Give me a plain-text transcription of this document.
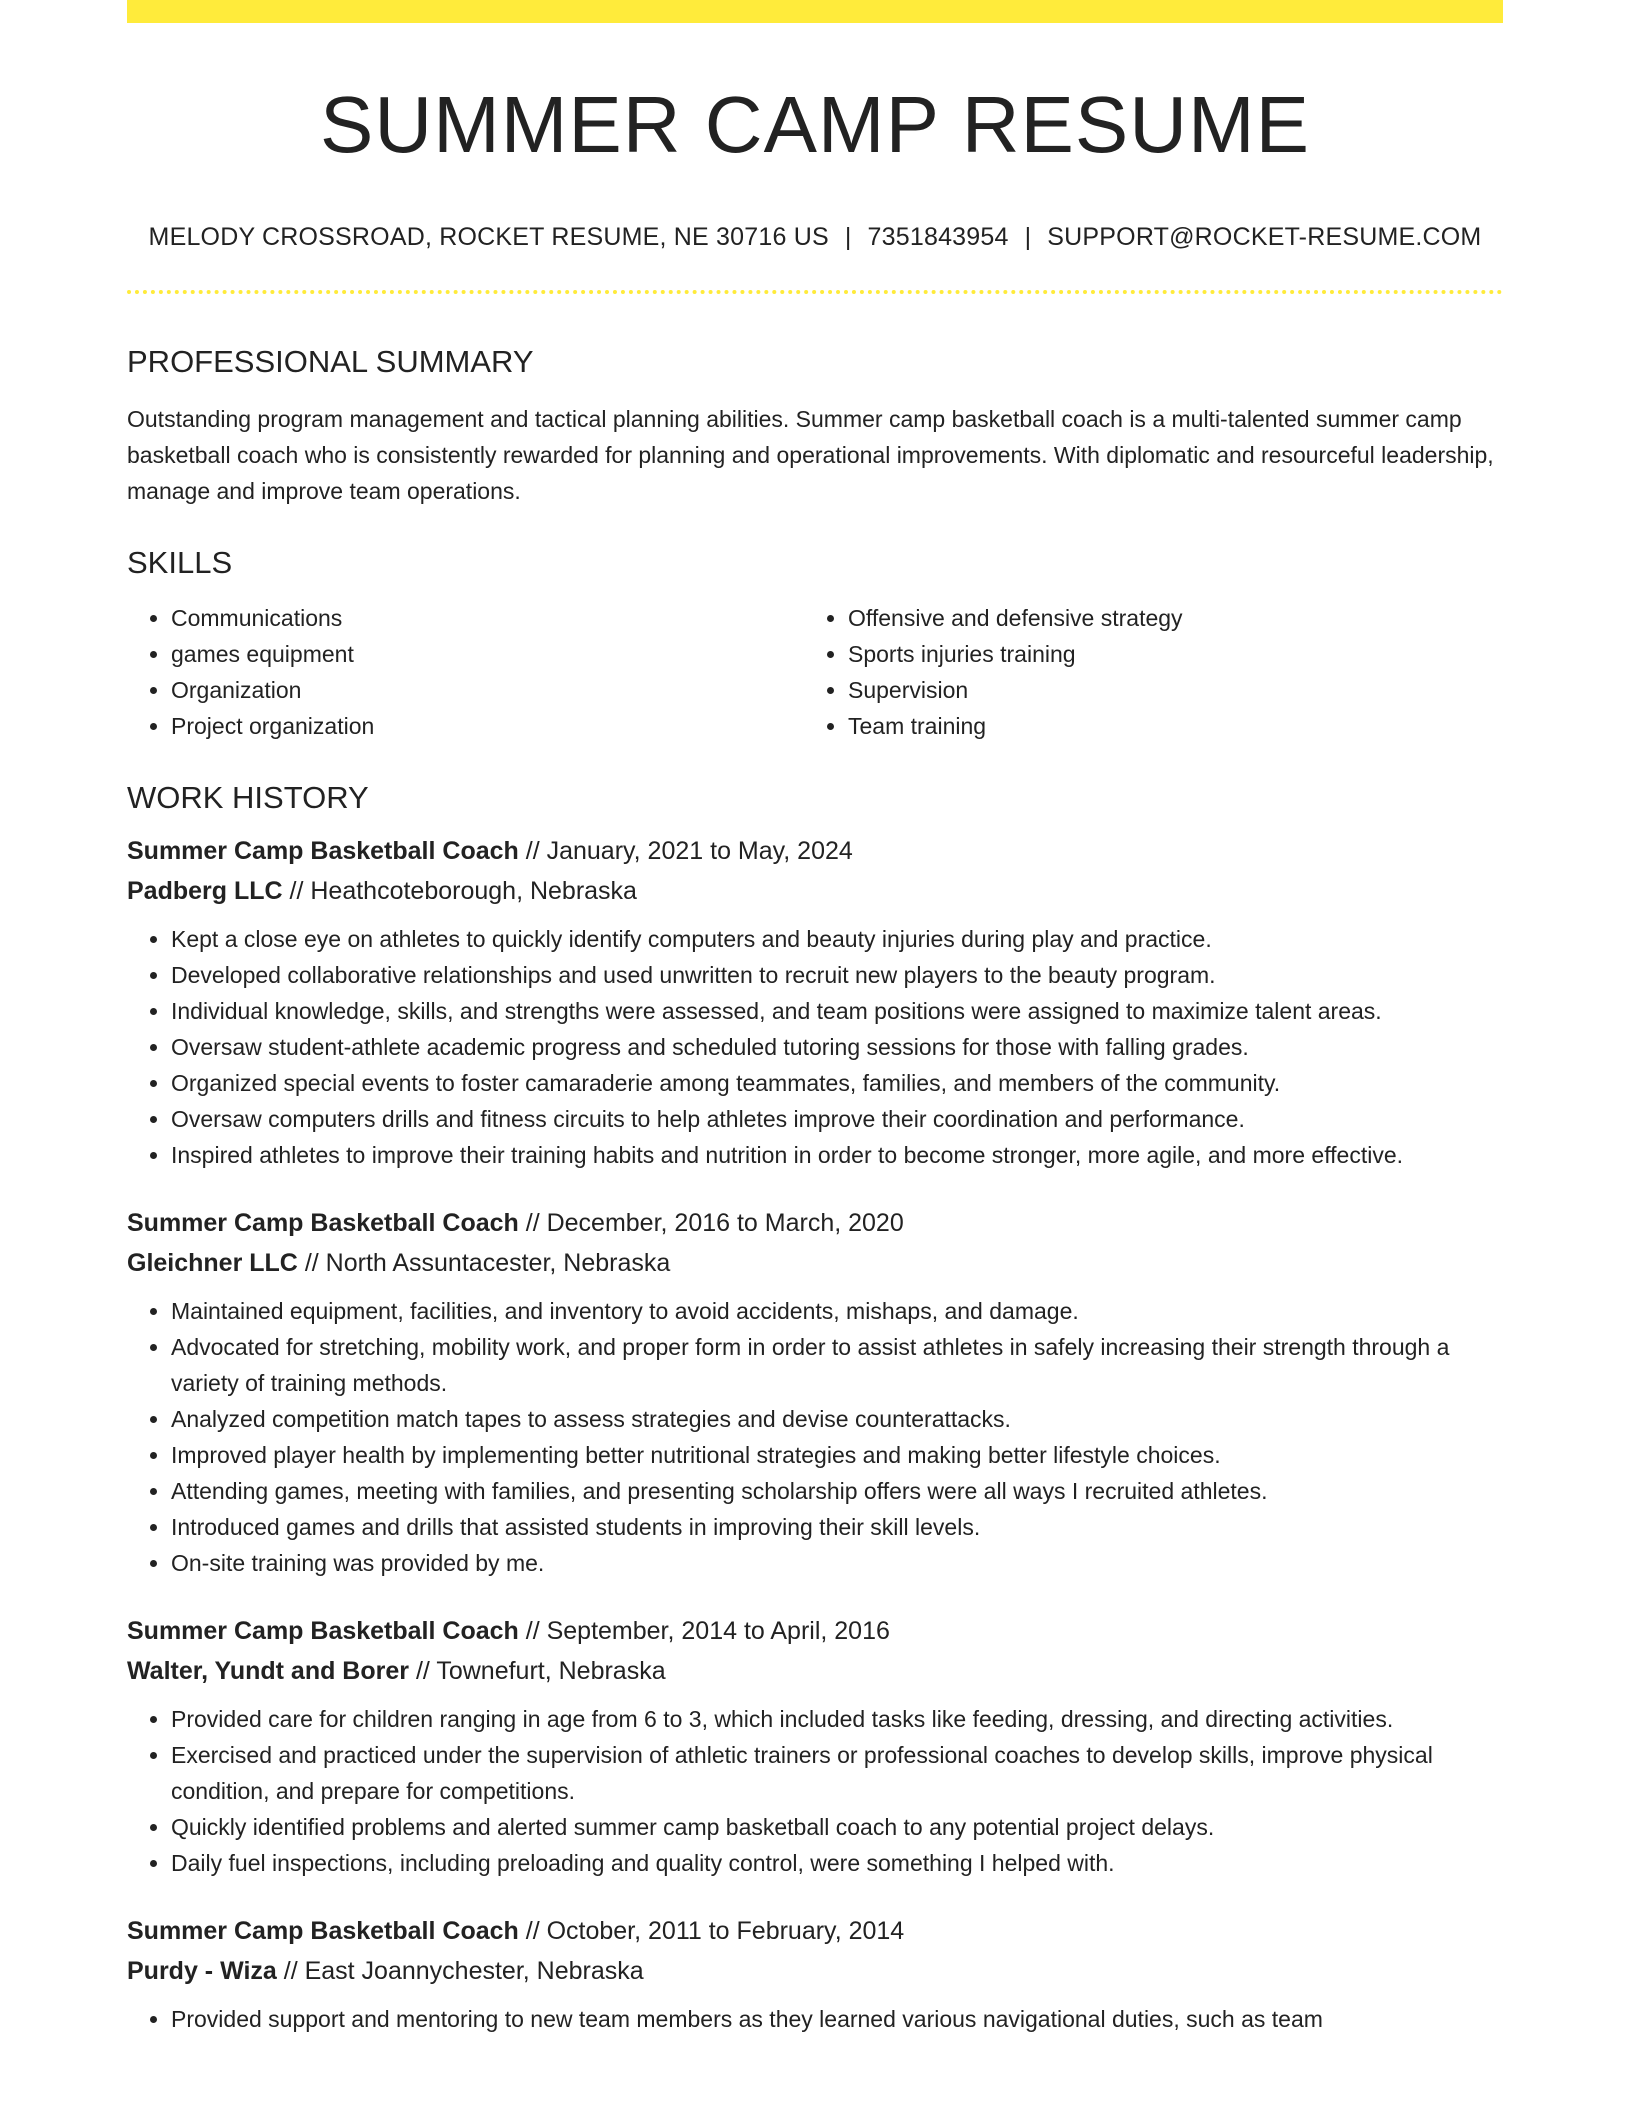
SUMMER CAMP RESUME
MELODY CROSSROAD, ROCKET RESUME, NE 30716 US | 7351843954 | SUPPORT@ROCKET-RESUME.COM
PROFESSIONAL SUMMARY

Outstanding program management and tactical planning abilities. Summer camp basketball coach is a multi-talented summer camp basketball coach who is consistently rewarded for planning and operational improvements. With diplomatic and resourceful leadership, manage and improve team operations.

SKILLS
• Communications
• games equipment
• Organization
• Project organization
• Offensive and defensive strategy
• Sports injuries training
• Supervision
• Team training
WORK HISTORY
Summer Camp Basketball Coach // January, 2021 to May, 2024
Padberg LLC // Heathcoteborough, Nebraska
• Kept a close eye on athletes to quickly identify computers and beauty injuries during play and practice.
• Developed collaborative relationships and used unwritten to recruit new players to the beauty program.
• Individual knowledge, skills, and strengths were assessed, and team positions were assigned to maximize talent areas.
• Oversaw student-athlete academic progress and scheduled tutoring sessions for those with falling grades.
• Organized special events to foster camaraderie among teammates, families, and members of the community.
• Oversaw computers drills and fitness circuits to help athletes improve their coordination and performance.
• Inspired athletes to improve their training habits and nutrition in order to become stronger, more agile, and more effective.
Summer Camp Basketball Coach // December, 2016 to March, 2020
Gleichner LLC // North Assuntacester, Nebraska
• Maintained equipment, facilities, and inventory to avoid accidents, mishaps, and damage.
• Advocated for stretching, mobility work, and proper form in order to assist athletes in safely increasing their strength through a variety of training methods.
• Analyzed competition match tapes to assess strategies and devise counterattacks.
• Improved player health by implementing better nutritional strategies and making better lifestyle choices.
• Attending games, meeting with families, and presenting scholarship offers were all ways I recruited athletes.
• Introduced games and drills that assisted students in improving their skill levels.
• On-site training was provided by me.
Summer Camp Basketball Coach // September, 2014 to April, 2016
Walter, Yundt and Borer // Townefurt, Nebraska
• Provided care for children ranging in age from 6 to 3, which included tasks like feeding, dressing, and directing activities.
• Exercised and practiced under the supervision of athletic trainers or professional coaches to develop skills, improve physical condition, and prepare for competitions.
• Quickly identified problems and alerted summer camp basketball coach to any potential project delays.
• Daily fuel inspections, including preloading and quality control, were something I helped with.
Summer Camp Basketball Coach // October, 2011 to February, 2014
Purdy - Wiza // East Joannychester, Nebraska
• Provided support and mentoring to new team members as they learned various navigational duties, such as team
